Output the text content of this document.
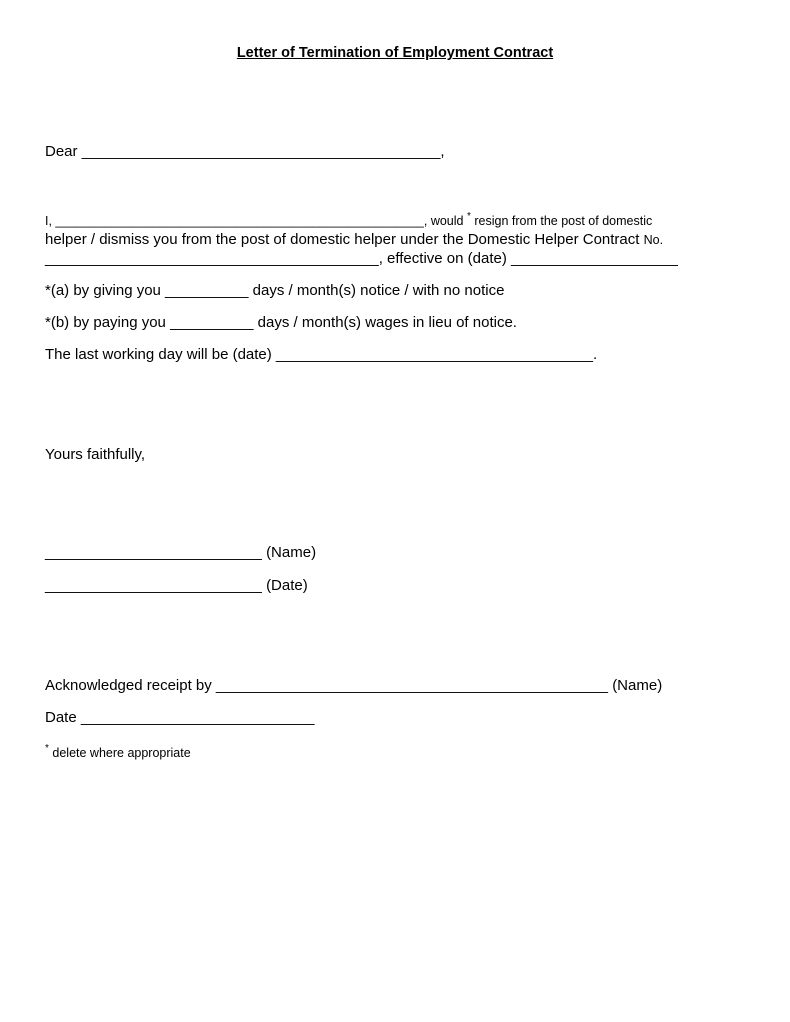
Letter of Termination of Employment Contract
Dear ___________________________________________,
I, _____________________________________________________, would * resign from the post of domestic
helper / dismiss you from the post of domestic helper under the Domestic Helper Contract No.
________________________________________, effective on (date) ____________________
*(a) by giving you __________ days / month(s) notice / with no notice
*(b) by paying you __________ days / month(s) wages in lieu of notice.
The last working day will be (date) ______________________________________.
Yours faithfully,
__________________________ (Name)
__________________________ (Date)
Acknowledged receipt by _______________________________________________ (Name)
Date ____________________________
* delete where appropriate
